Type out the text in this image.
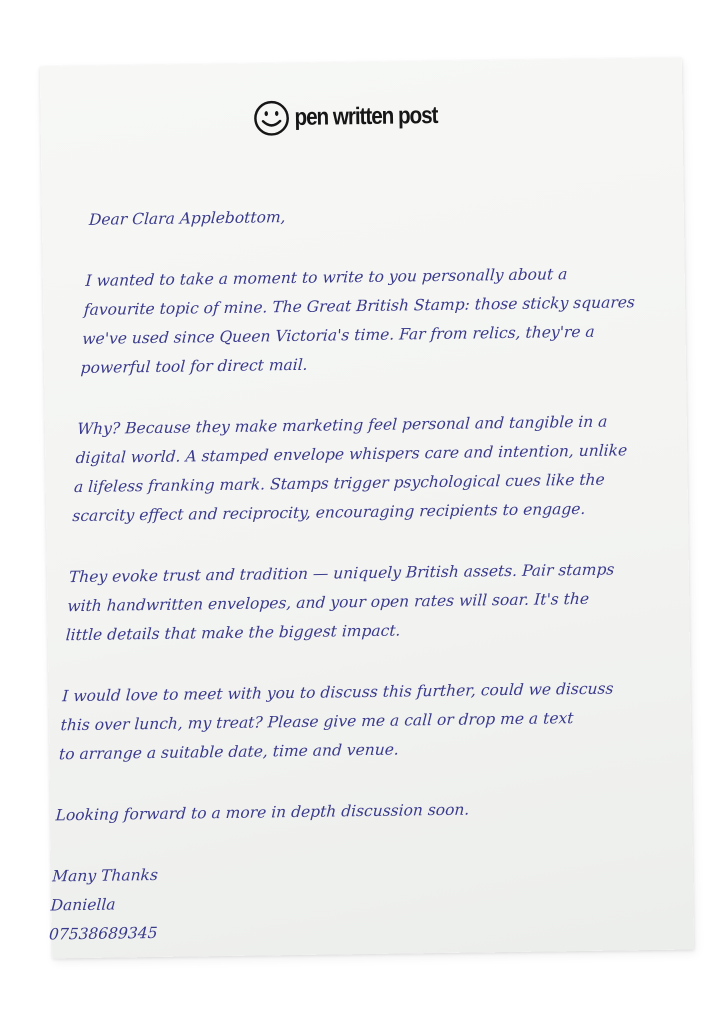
pen written post

Dear Clara Applebottom,

I wanted to take a moment to write to you personally about a
favourite topic of mine. The Great British Stamp: those sticky squares
we've used since Queen Victoria's time. Far from relics, they're a
powerful tool for direct mail.

Why? Because they make marketing feel personal and tangible in a
digital world. A stamped envelope whispers care and intention, unlike
a lifeless franking mark. Stamps trigger psychological cues like the
scarcity effect and reciprocity, encouraging recipients to engage.

They evoke trust and tradition — uniquely British assets. Pair stamps
with handwritten envelopes, and your open rates will soar. It's the
little details that make the biggest impact.

I would love to meet with you to discuss this further, could we discuss
this over lunch, my treat? Please give me a call or drop me a text
to arrange a suitable date, time and venue.

Looking forward to a more in depth discussion soon.

Many Thanks

Daniella

07538689345
